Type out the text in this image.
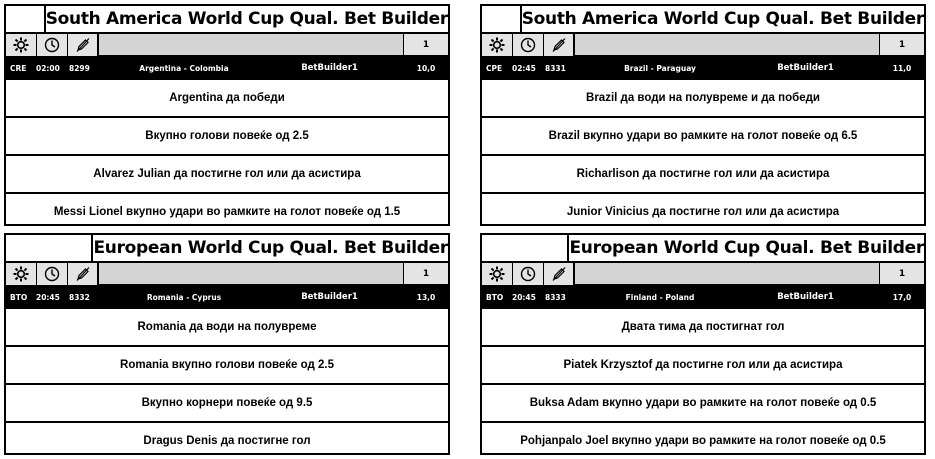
South America World Cup Qual. Bet Builder
1
CRE	02:00	8299	Argentina - Colombia	BetBuilder1	10,0
Argentina да победи
Вкупно голови повеќе од 2.5
Alvarez Julian да постигне гол или да асистира
Messi Lionel вкупно удари во рамките на голот повеќе од 1.5
South America World Cup Qual. Bet Builder
1
CPE	02:45	8331	Brazil - Paraguay	BetBuilder1	11,0
Brazil да води на полувреме и да победи
Brazil вкупно удари во рамките на голот повеќе од 6.5
Richarlison да постигне гол или да асистира
Junior Vinicius да постигне гол или да асистира
European World Cup Qual. Bet Builder
1
BTO	20:45	8332	Romania - Cyprus	BetBuilder1	13,0
Romania да води на полувреме
Romania вкупно голови повеќе од 2.5
Вкупно корнери повеќе од 9.5
Dragus Denis да постигне гол
European World Cup Qual. Bet Builder
1
BTO	20:45	8333	Finland - Poland	BetBuilder1	17,0
Двата тима да постигнат гол
Piatek Krzysztof да постигне гол или да асистира
Buksa Adam вкупно удари во рамките на голот повеќе од 0.5
Pohjanpalo Joel вкупно удари во рамките на голот повеќе од 0.5
